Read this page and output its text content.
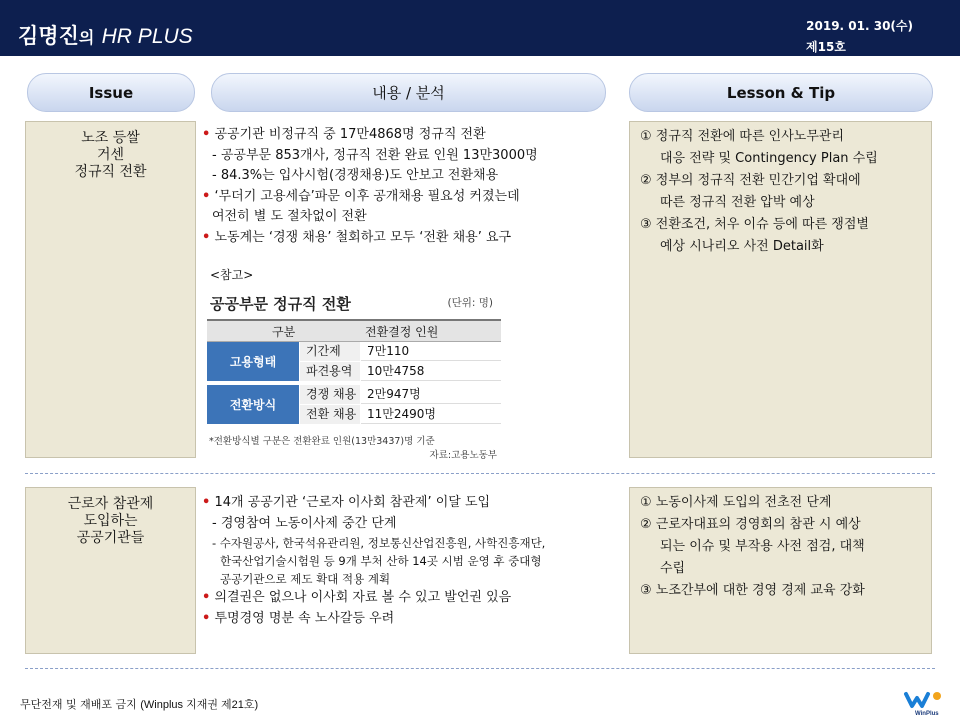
김명진의 HR PLUS	2019. 01. 30(수)
제15호
Issue	내용 / 분석	Lesson & Tip
노조 등쌀
거센
정규직 전환
• 공공기관 비정규직 중 17만4868명 정규직 전환
- 공공부문 853개사, 정규직 전환 완료 인원 13만3000명
- 84.3%는 입사시험(경쟁채용)도 안보고 전환채용
• ‘무더기 고용세습’파문 이후 공개채용 필요성 커졌는데
여전히 별 도 절차없이 전환
• 노동계는 ‘경쟁 채용’ 철회하고 모두 ‘전환 채용’ 요구
<참고>
공공부문 정규직 전환	(단위: 명)
구분	전환결정 인원
고용형태
기간제	7만110
파견용역	10만4758
전환방식
경쟁 채용 2만947명
전환 채용 11만2490명
*전환방식별 구분은 전환완료 인원(13만3437)명 기준
자료:고용노동부
① 정규직 전환에 따른 인사노무관리
대응 전략 및 Contingency Plan 수립
② 정부의 정규직 전환 민간기업 확대에
따른 정규직 전환 압박 예상
③ 전환조건, 처우 이슈 등에 따른 쟁점별
예상 시나리오 사전 Detail화
근로자 참관제
도입하는
공공기관들
• 14개 공공기관 ‘근로자 이사회 참관제’ 이달 도입
- 경영참여 노동이사제 중간 단계
- 수자원공사, 한국석유관리원, 정보통신산업진흥원, 사학진흥재단,
한국산업기술시험원 등 9개 부처 산하 14곳 시범 운영 후 중대형
공공기관으로 제도 확대 적용 계획
• 의결권은 없으나 이사회 자료 볼 수 있고 발언권 있음
• 투명경영 명분 속 노사갈등 우려
① 노동이사제 도입의 전초전 단계
② 근로자대표의 경영회의 참관 시 예상
되는 이슈 및 부작용 사전 점검, 대책
수립
③ 노조간부에 대한 경영 경제 교육 강화
무단전재 및 재배포 금지 (Winplus 지재권 제21호)
WinPlus
